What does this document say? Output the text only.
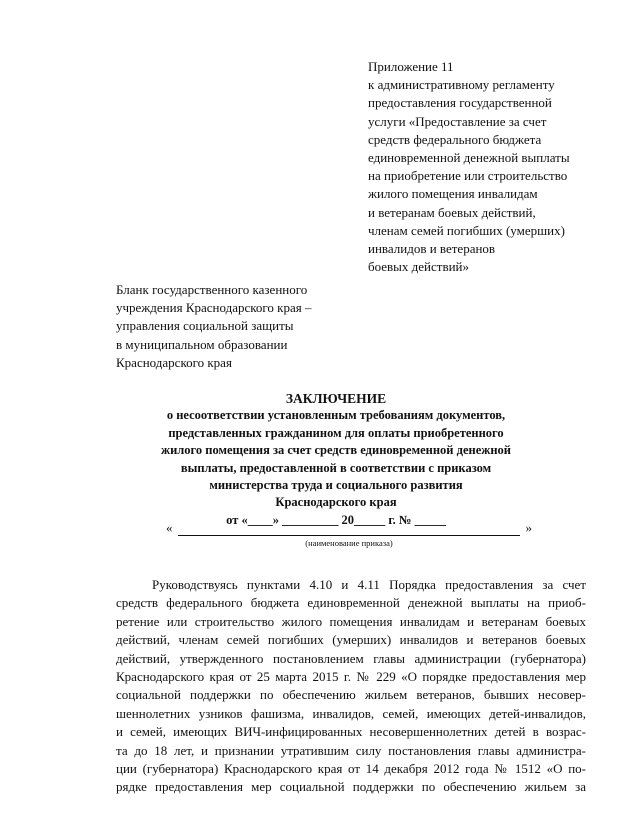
Приложение 11
к административному регламенту
предоставления государственной
услуги «Предоставление за счет
средств федерального бюджета
единовременной денежной выплаты
на приобретение или строительство
жилого помещения инвалидам
и ветеранам боевых действий,
членам семей погибших (умерших)
инвалидов и ветеранов
боевых действий»
Бланк государственного казенного
учреждения Краснодарского края –
управления социальной защиты
в муниципальном образовании
Краснодарского края
ЗАКЛЮЧЕНИЕ
о несоответствии установленным требованиям документов,
представленных гражданином для оплаты приобретенного
жилого помещения за счет средств единовременной денежной
выплаты, предоставленной в соответствии с приказом
министерства труда и социального развития
Краснодарского края
от «____» _________ 20_____ г. № _____
«	»
(наименование приказа)
Руководствуясь пунктами 4.10 и 4.11 Порядка предоставления за счет
средств федерального бюджета единовременной денежной выплаты на приоб-
ретение или строительство жилого помещения инвалидам и ветеранам боевых
действий, членам семей погибших (умерших) инвалидов и ветеранов боевых
действий, утвержденного постановлением главы администрации (губернатора)
Краснодарского края от 25 марта 2015 г. № 229 «О порядке предоставления мер
социальной поддержки по обеспечению жильем ветеранов, бывших несовер-
шеннолетних узников фашизма, инвалидов, семей, имеющих детей-инвалидов,
и семей, имеющих ВИЧ-инфицированных несовершеннолетних детей в возрас-
та до 18 лет, и признании утратившим силу постановления главы администра-
ции (губернатора) Краснодарского края от 14 декабря 2012 года № 1512 «О по-
рядке предоставления мер социальной поддержки по обеспечению жильем за
